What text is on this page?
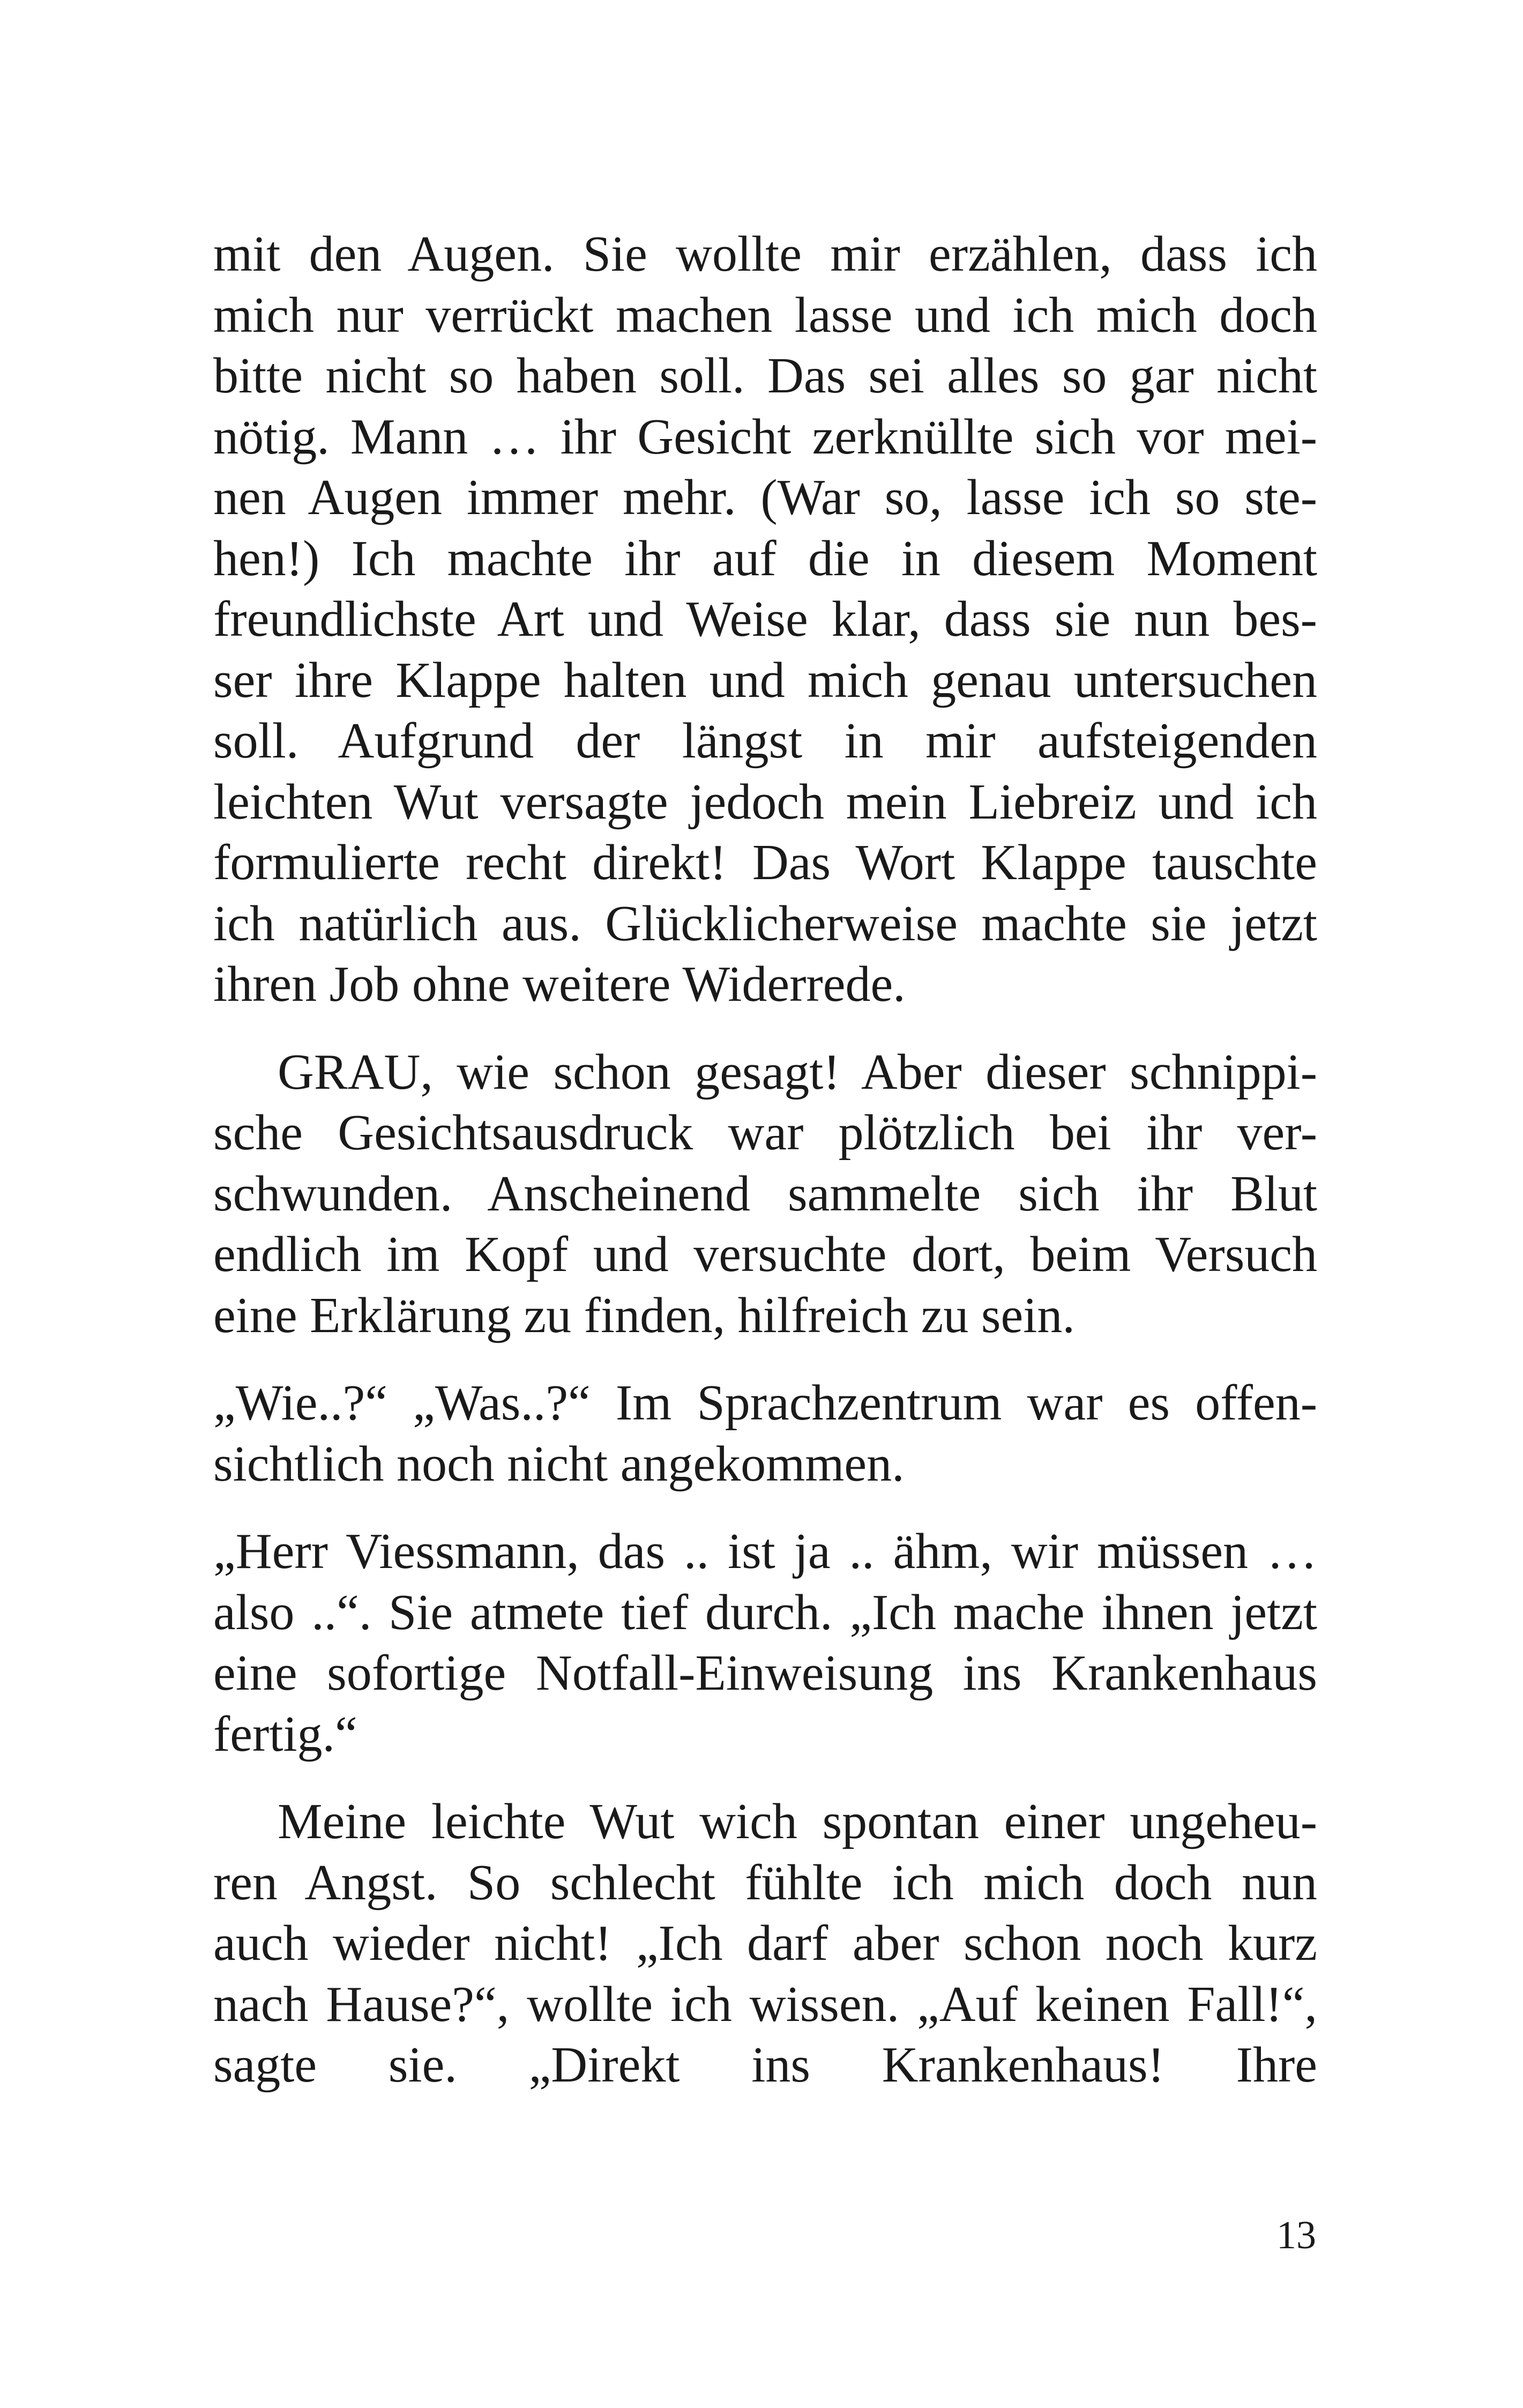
mit den Augen. Sie wollte mir erzählen, dass ich
mich nur verrückt machen lasse und ich mich doch
bitte nicht so haben soll. Das sei alles so gar nicht
nötig. Mann … ihr Gesicht zerknüllte sich vor mei-
nen Augen immer mehr. (War so, lasse ich so ste-
hen!) Ich machte ihr auf die in diesem Moment
freundlichste Art und Weise klar, dass sie nun bes-
ser ihre Klappe halten und mich genau untersuchen
soll. Aufgrund der längst in mir aufsteigenden
leichten Wut versagte jedoch mein Liebreiz und ich
formulierte recht direkt! Das Wort Klappe tauschte
ich natürlich aus. Glücklicherweise machte sie jetzt
ihren Job ohne weitere Widerrede.
GRAU, wie schon gesagt! Aber dieser schnippi-
sche Gesichtsausdruck war plötzlich bei ihr ver-
schwunden. Anscheinend sammelte sich ihr Blut
endlich im Kopf und versuchte dort, beim Versuch
eine Erklärung zu finden, hilfreich zu sein.
„Wie..?“ „Was..?“ Im Sprachzentrum war es offen-
sichtlich noch nicht angekommen.
„Herr Viessmann, das .. ist ja .. ähm, wir müssen …
also ..“. Sie atmete tief durch. „Ich mache ihnen jetzt
eine sofortige Notfall-Einweisung ins Krankenhaus
fertig.“
Meine leichte Wut wich spontan einer ungeheu-
ren Angst. So schlecht fühlte ich mich doch nun
auch wieder nicht! „Ich darf aber schon noch kurz
nach Hause?“, wollte ich wissen. „Auf keinen Fall!“,
sagte sie. „Direkt ins Krankenhaus! Ihre
13
